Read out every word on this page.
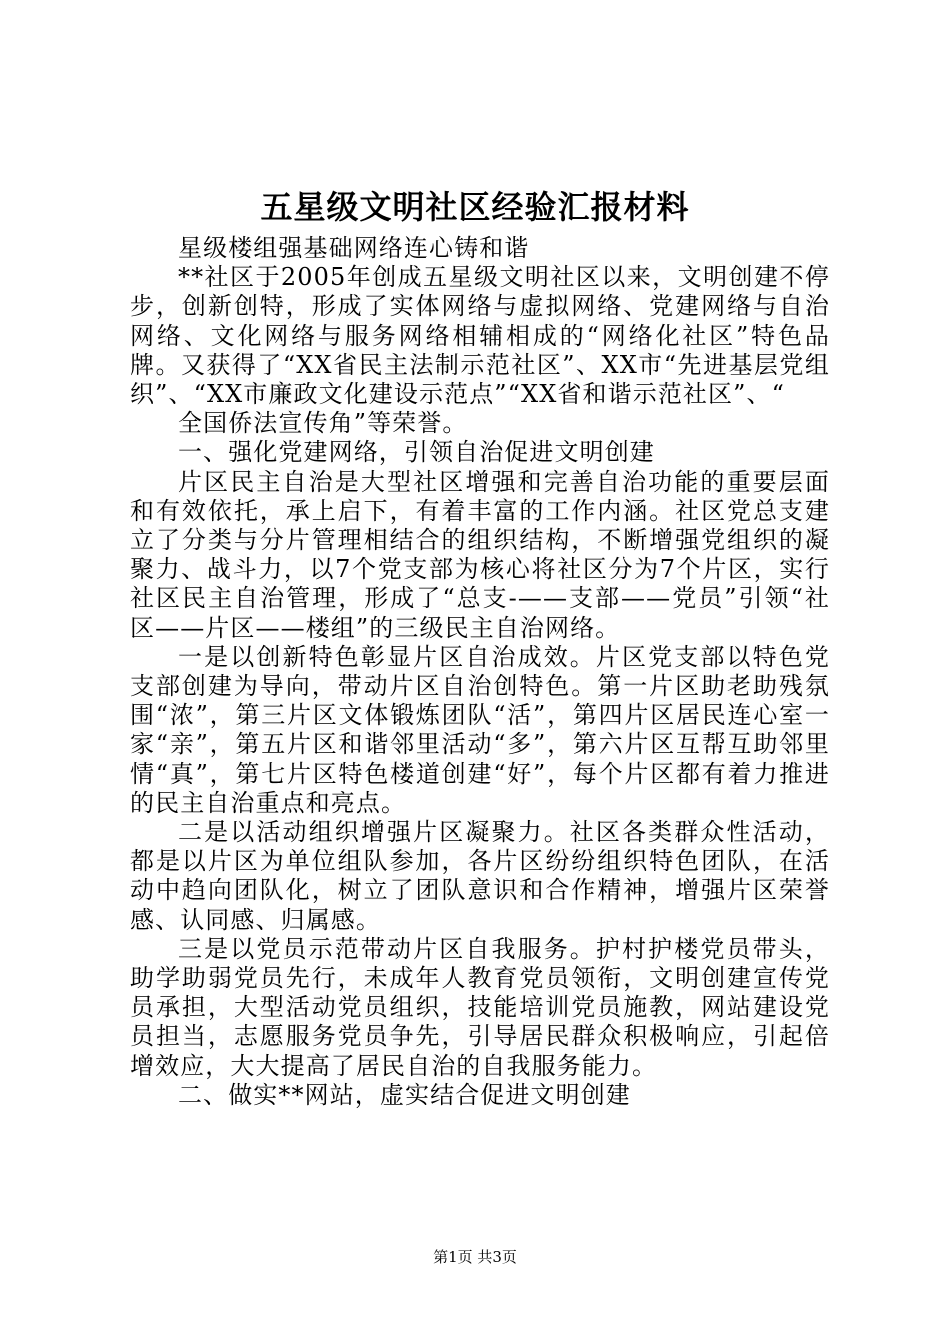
五星级文明社区经验汇报材料

星级楼组强基础网络连心铸和谐

**社区于2005年创成五星级文明社区以来，文明创建不停步，创新创特，形成了实体网络与虚拟网络、党建网络与自治网络、文化网络与服务网络相辅相成的“网络化社区”特色品牌。又获得了“XX省民主法制示范社区”、XX市“先进基层党组织”、“XX市廉政文化建设示范点”“XX省和谐示范社区”、“

全国侨法宣传角”等荣誉。

一、强化党建网络，引领自治促进文明创建

片区民主自治是大型社区增强和完善自治功能的重要层面和有效依托，承上启下，有着丰富的工作内涵。社区党总支建立了分类与分片管理相结合的组织结构，不断增强党组织的凝聚力、战斗力，以7个党支部为核心将社区分为7个片区，实行社区民主自治管理，形成了“总支-——支部——党员”引领“社区——片区——楼组”的三级民主自治网络。

一是以创新特色彰显片区自治成效。片区党支部以特色党支部创建为导向，带动片区自治创特色。第一片区助老助残氛围“浓”，第三片区文体锻炼团队“活”，第四片区居民连心室一家“亲”，第五片区和谐邻里活动“多”，第六片区互帮互助邻里情“真”，第七片区特色楼道创建“好”，每个片区都有着力推进的民主自治重点和亮点。

二是以活动组织增强片区凝聚力。社区各类群众性活动，都是以片区为单位组队参加，各片区纷纷组织特色团队，在活动中趋向团队化，树立了团队意识和合作精神，增强片区荣誉感、认同感、归属感。

三是以党员示范带动片区自我服务。护村护楼党员带头，助学助弱党员先行，未成年人教育党员领衔，文明创建宣传党员承担，大型活动党员组织，技能培训党员施教，网站建设党员担当，志愿服务党员争先，引导居民群众积极响应，引起倍增效应，大大提高了居民自治的自我服务能力。

二、做实**网站，虚实结合促进文明创建

第1页 共3页
